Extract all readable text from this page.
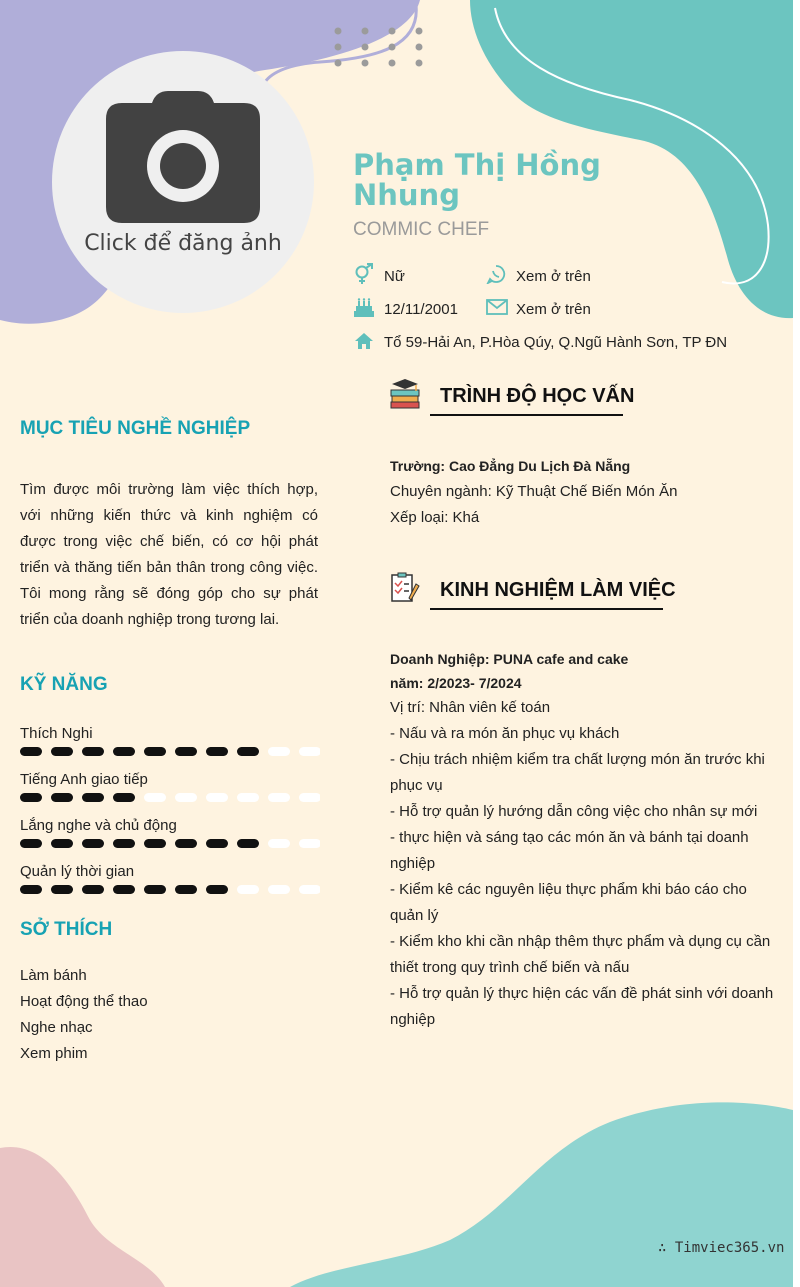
Click để đăng ảnh
Phạm Thị Hồng Nhung
COMMIC CHEF
Nữ	Xem ở trên
12/11/2001	Xem ở trên
Tổ 59-Hải An, P.Hòa Qúy, Q.Ngũ Hành Sơn, TP ĐN
MỤC TIÊU NGHỀ NGHIỆP
Tìm được môi trường làm việc thích hợp, với những kiến thức và kinh nghiệm có được trong việc chế biến, có cơ hội phát triển và thăng tiến bản thân trong công việc. Tôi mong rằng sẽ đóng góp cho sự phát triển của doanh nghiệp trong tương lai.
KỸ NĂNG
Thích Nghi
Tiếng Anh giao tiếp
Lắng nghe và chủ động
Quản lý thời gian
SỞ THÍCH
Làm bánh
Hoạt động thể thao
Nghe nhạc
Xem phim
TRÌNH ĐỘ HỌC VẤN
Trường: Cao Đẳng Du Lịch Đà Nẵng
Chuyên ngành: Kỹ Thuật Chế Biến Món Ăn
Xếp loại: Khá
KINH NGHIỆM LÀM VIỆC
Doanh Nghiệp: PUNA cafe and cake
năm: 2/2023- 7/2024
Vị trí: Nhân viên kế toán
- Nấu và ra món ăn phục vụ khách
- Chịu trách nhiệm kiểm tra chất lượng món ăn trước khi phục vụ
- Hỗ trợ quản lý hướng dẫn công việc cho nhân sự mới
- thực hiện và sáng tạo các món ăn và bánh tại doanh nghiệp
- Kiểm kê các nguyên liệu thực phẩm khi báo cáo cho quản lý
- Kiểm kho khi cần nhập thêm thực phẩm và dụng cụ cần thiết trong quy trình chế biến và nấu
- Hỗ trợ quản lý thực hiện các vấn đề phát sinh với doanh nghiệp
∴ Timviec365.vn
